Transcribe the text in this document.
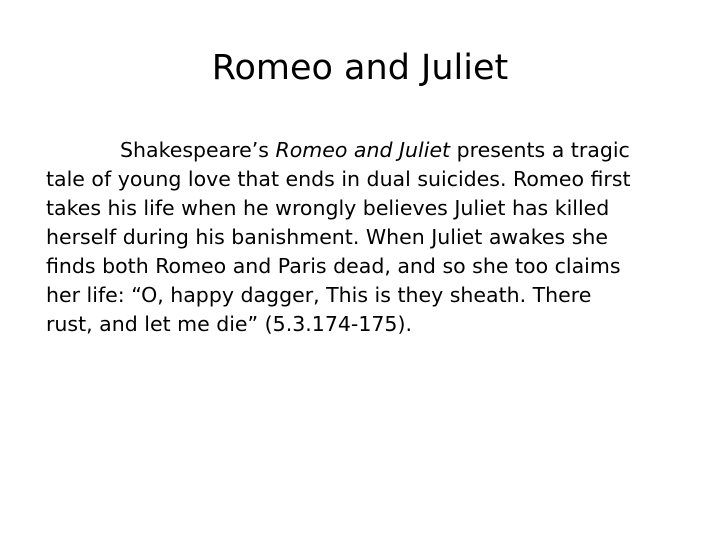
Romeo and Juliet

Shakespeare’s Romeo and Juliet presents a tragic
tale of young love that ends in dual suicides. Romeo first
takes his life when he wrongly believes Juliet has killed
herself during his banishment. When Juliet awakes she
finds both Romeo and Paris dead, and so she too claims
her life: “O, happy dagger, This is they sheath. There
rust, and let me die” (5.3.174-175).
